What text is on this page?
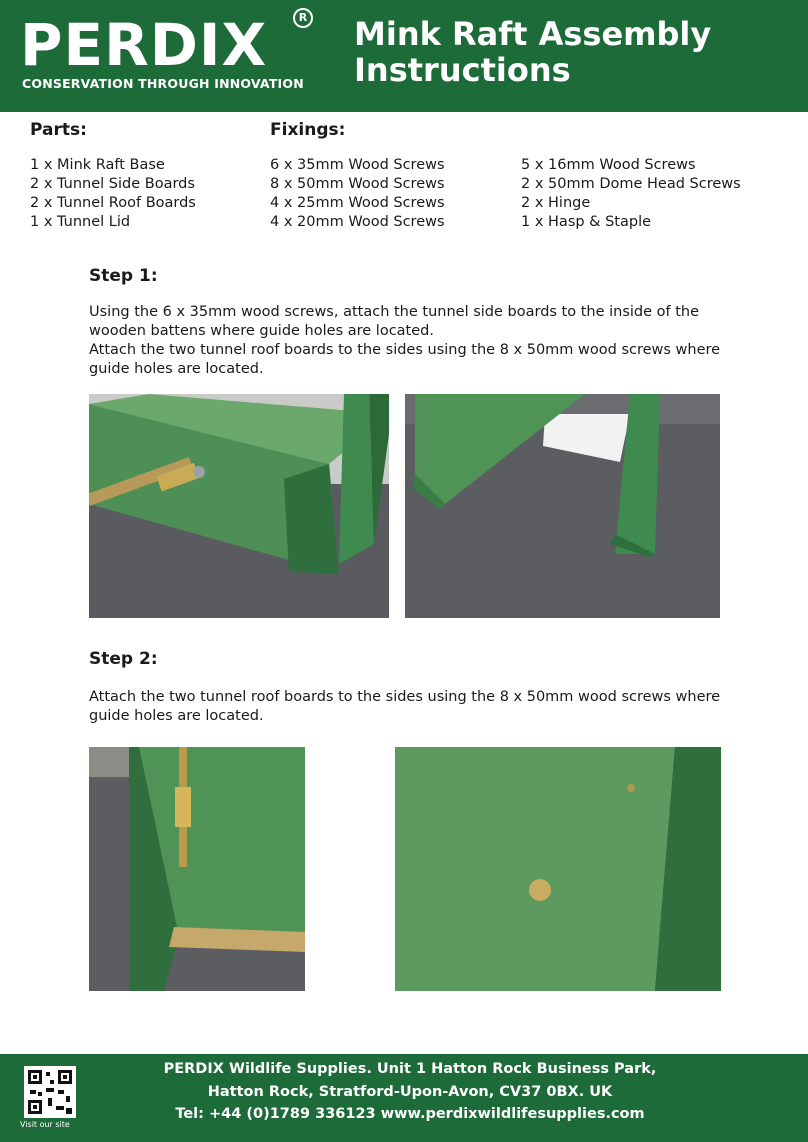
PERDIX	R
CONSERVATION THROUGH INNOVATION
Mink Raft Assembly
Instructions
Parts:	Fixings:
1 x Mink Raft Base
2 x Tunnel Side Boards
2 x Tunnel Roof Boards
1 x Tunnel Lid
6 x 35mm Wood Screws
8 x 50mm Wood Screws
4 x 25mm Wood Screws
4 x 20mm Wood Screws
5 x 16mm Wood Screws
2 x 50mm Dome Head Screws
2 x Hinge
1 x Hasp & Staple
Step 1:
Using the 6 x 35mm wood screws, attach the tunnel side boards to the inside of the wooden battens where guide holes are located.
Attach the two tunnel roof boards to the sides using the 8 x 50mm wood screws where guide holes are located.
Step 2:
Attach the two tunnel roof boards to the sides using the 8 x 50mm wood screws where guide holes are located.
Visit our site
PERDIX Wildlife Supplies. Unit 1 Hatton Rock Business Park,
Hatton Rock, Stratford-Upon-Avon, CV37 0BX. UK
Tel: +44 (0)1789 336123 www.perdixwildlifesupplies.com
